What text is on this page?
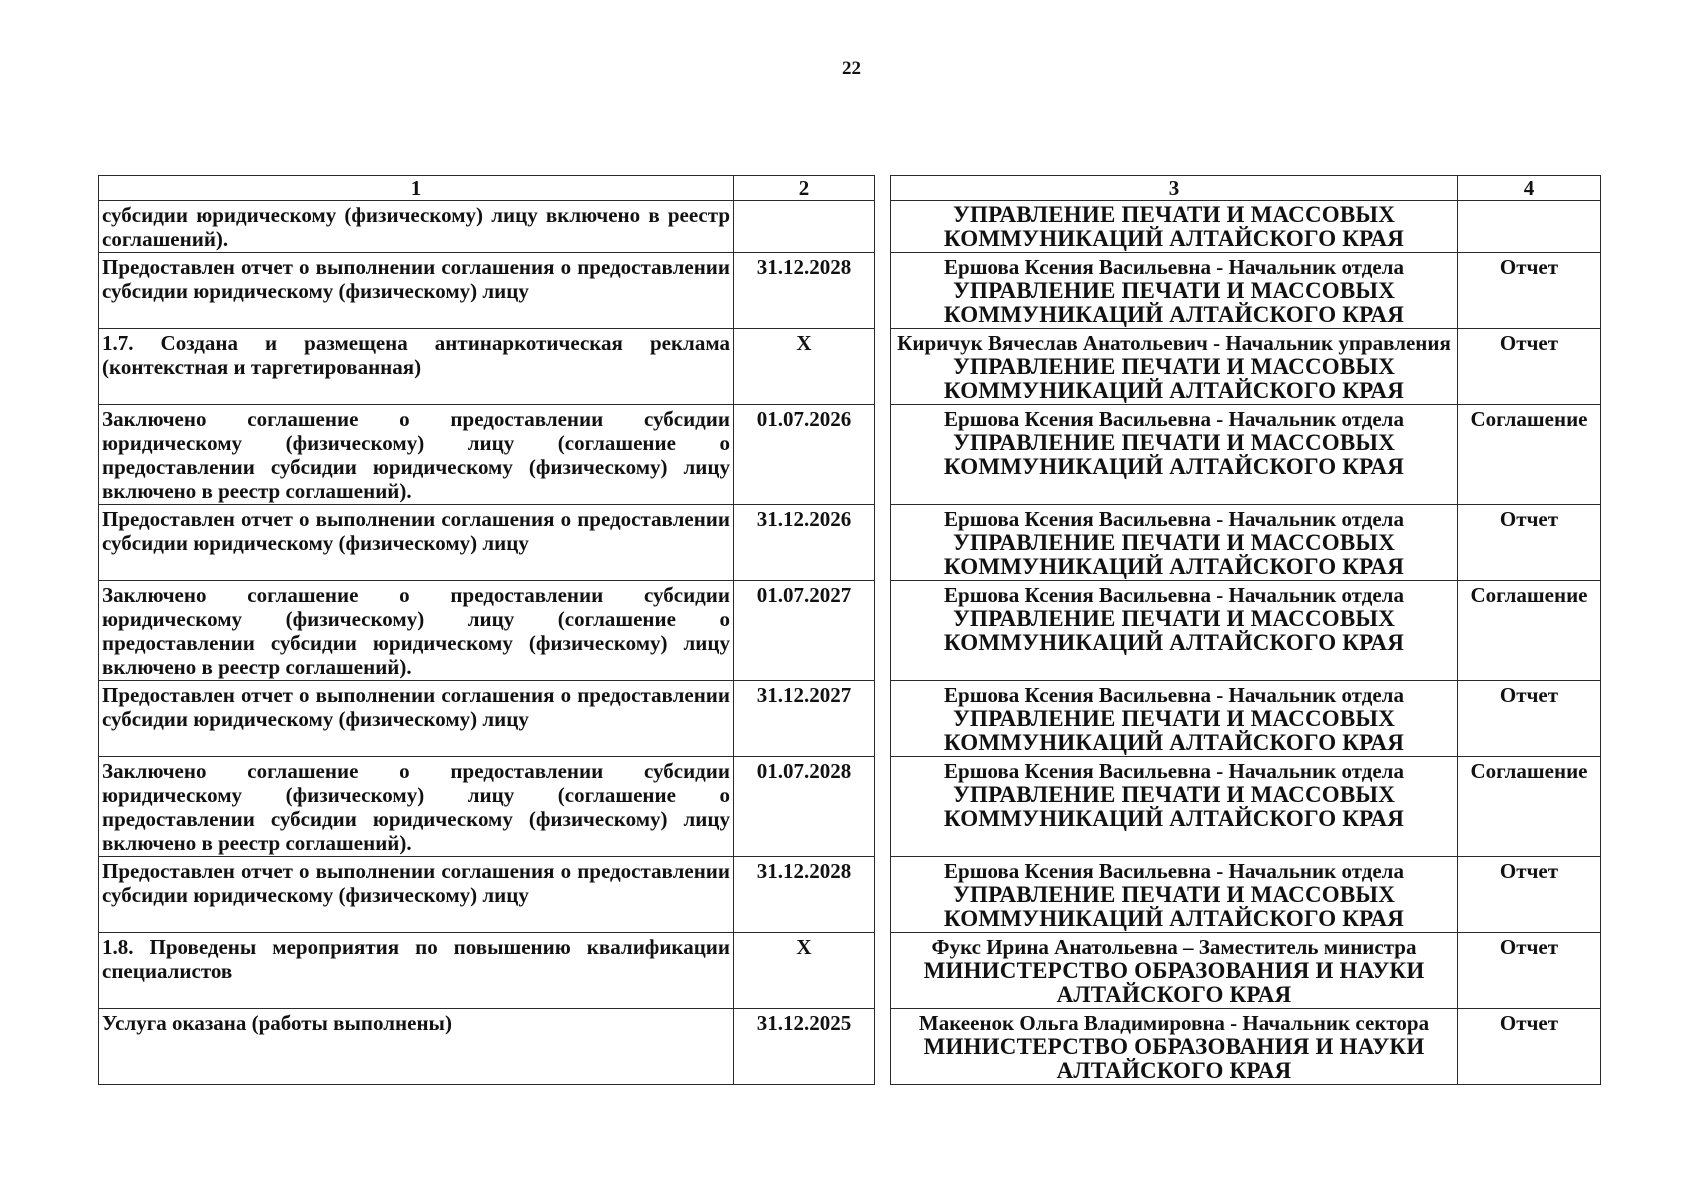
22
1	2		3	4
субсидии юридическому (физическому) лицу включено в реестр соглашений).			УПРАВЛЕНИЕ ПЕЧАТИ И МАССОВЫХ КОММУНИКАЦИЙ АЛТАЙСКОГО КРАЯ	

Предоставлен отчет о выполнении соглашения о предоставлении субсидии юридическому (физическому) лицу	31.12.2028		Ершова Ксения Васильевна - Начальник отдела
УПРАВЛЕНИЕ ПЕЧАТИ И МАССОВЫХ КОММУНИКАЦИЙ АЛТАЙСКОГО КРАЯ	Отчет
1.7. Создана и размещена антинаркотическая реклама (контекстная и таргетированная)	X		Киричук Вячеслав Анатольевич - Начальник управления
УПРАВЛЕНИЕ ПЕЧАТИ И МАССОВЫХ КОММУНИКАЦИЙ АЛТАЙСКОГО КРАЯ	Отчет
Заключено соглашение о предоставлении субсидии юридическому (физическому) лицу (соглашение о предоставлении субсидии юридическому (физическому) лицу включено в реестр соглашений).	01.07.2026		Ершова Ксения Васильевна - Начальник отдела
УПРАВЛЕНИЕ ПЕЧАТИ И МАССОВЫХ КОММУНИКАЦИЙ АЛТАЙСКОГО КРАЯ	Соглашение
Предоставлен отчет о выполнении соглашения о предоставлении субсидии юридическому (физическому) лицу	31.12.2026		Ершова Ксения Васильевна - Начальник отдела
УПРАВЛЕНИЕ ПЕЧАТИ И МАССОВЫХ КОММУНИКАЦИЙ АЛТАЙСКОГО КРАЯ	Отчет
Заключено соглашение о предоставлении субсидии юридическому (физическому) лицу (соглашение о предоставлении субсидии юридическому (физическому) лицу включено в реестр соглашений).	01.07.2027		Ершова Ксения Васильевна - Начальник отдела
УПРАВЛЕНИЕ ПЕЧАТИ И МАССОВЫХ КОММУНИКАЦИЙ АЛТАЙСКОГО КРАЯ	Соглашение
Предоставлен отчет о выполнении соглашения о предоставлении субсидии юридическому (физическому) лицу	31.12.2027		Ершова Ксения Васильевна - Начальник отдела
УПРАВЛЕНИЕ ПЕЧАТИ И МАССОВЫХ КОММУНИКАЦИЙ АЛТАЙСКОГО КРАЯ	Отчет
Заключено соглашение о предоставлении субсидии юридическому (физическому) лицу (соглашение о предоставлении субсидии юридическому (физическому) лицу включено в реестр соглашений).	01.07.2028		Ершова Ксения Васильевна - Начальник отдела
УПРАВЛЕНИЕ ПЕЧАТИ И МАССОВЫХ КОММУНИКАЦИЙ АЛТАЙСКОГО КРАЯ	Соглашение
Предоставлен отчет о выполнении соглашения о предоставлении субсидии юридическому (физическому) лицу	31.12.2028		Ершова Ксения Васильевна - Начальник отдела
УПРАВЛЕНИЕ ПЕЧАТИ И МАССОВЫХ КОММУНИКАЦИЙ АЛТАЙСКОГО КРАЯ	Отчет
1.8. Проведены мероприятия по повышению квалификации специалистов	X		Фукс Ирина Анатольевна – Заместитель министра
МИНИСТЕРСТВО ОБРАЗОВАНИЯ И НАУКИ АЛТАЙСКОГО КРАЯ	Отчет
Услуга оказана (работы выполнены)	31.12.2025		Макеенок Ольга Владимировна - Начальник сектора
МИНИСТЕРСТВО ОБРАЗОВАНИЯ И НАУКИ АЛТАЙСКОГО КРАЯ	Отчет
